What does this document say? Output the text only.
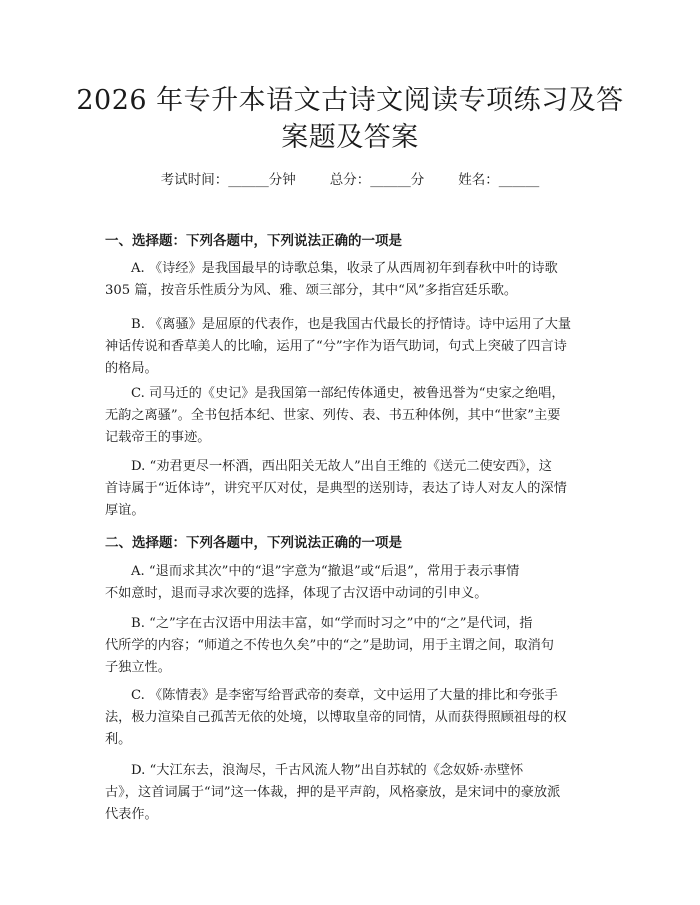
2026 年专升本语文古诗文阅读专项练习及答
案题及答案
考试时间：______分钟	总分：______分	姓名：______
一、选择题：下列各题中，下列说法正确的一项是
A. 《诗经》是我国最早的诗歌总集，收录了从西周初年到春秋中叶的诗歌
305 篇，按音乐性质分为风、雅、颂三部分，其中“风”多指宫廷乐歌。
B. 《离骚》是屈原的代表作，也是我国古代最长的抒情诗。诗中运用了大量
神话传说和香草美人的比喻，运用了“兮”字作为语气助词，句式上突破了四言诗
的格局。
C. 司马迁的《史记》是我国第一部纪传体通史，被鲁迅誉为“史家之绝唱，
无韵之离骚”。全书包括本纪、世家、列传、表、书五种体例，其中“世家”主要
记载帝王的事迹。
D. “劝君更尽一杯酒，西出阳关无故人”出自王维的《送元二使安西》，这
首诗属于“近体诗”，讲究平仄对仗，是典型的送别诗，表达了诗人对友人的深情
厚谊。
二、选择题：下列各题中，下列说法正确的一项是
A. “退而求其次”中的“退”字意为“撤退”或“后退”，常用于表示事情
不如意时，退而寻求次要的选择，体现了古汉语中动词的引申义。
B. “之”字在古汉语中用法丰富，如“学而时习之”中的“之”是代词，指
代所学的内容；“师道之不传也久矣”中的“之”是助词，用于主谓之间，取消句
子独立性。
C. 《陈情表》是李密写给晋武帝的奏章，文中运用了大量的排比和夸张手
法，极力渲染自己孤苦无依的处境，以博取皇帝的同情，从而获得照顾祖母的权
利。
D. “大江东去，浪淘尽，千古风流人物”出自苏轼的《念奴娇·赤壁怀
古》，这首词属于“词”这一体裁，押的是平声韵，风格豪放，是宋词中的豪放派
代表作。
